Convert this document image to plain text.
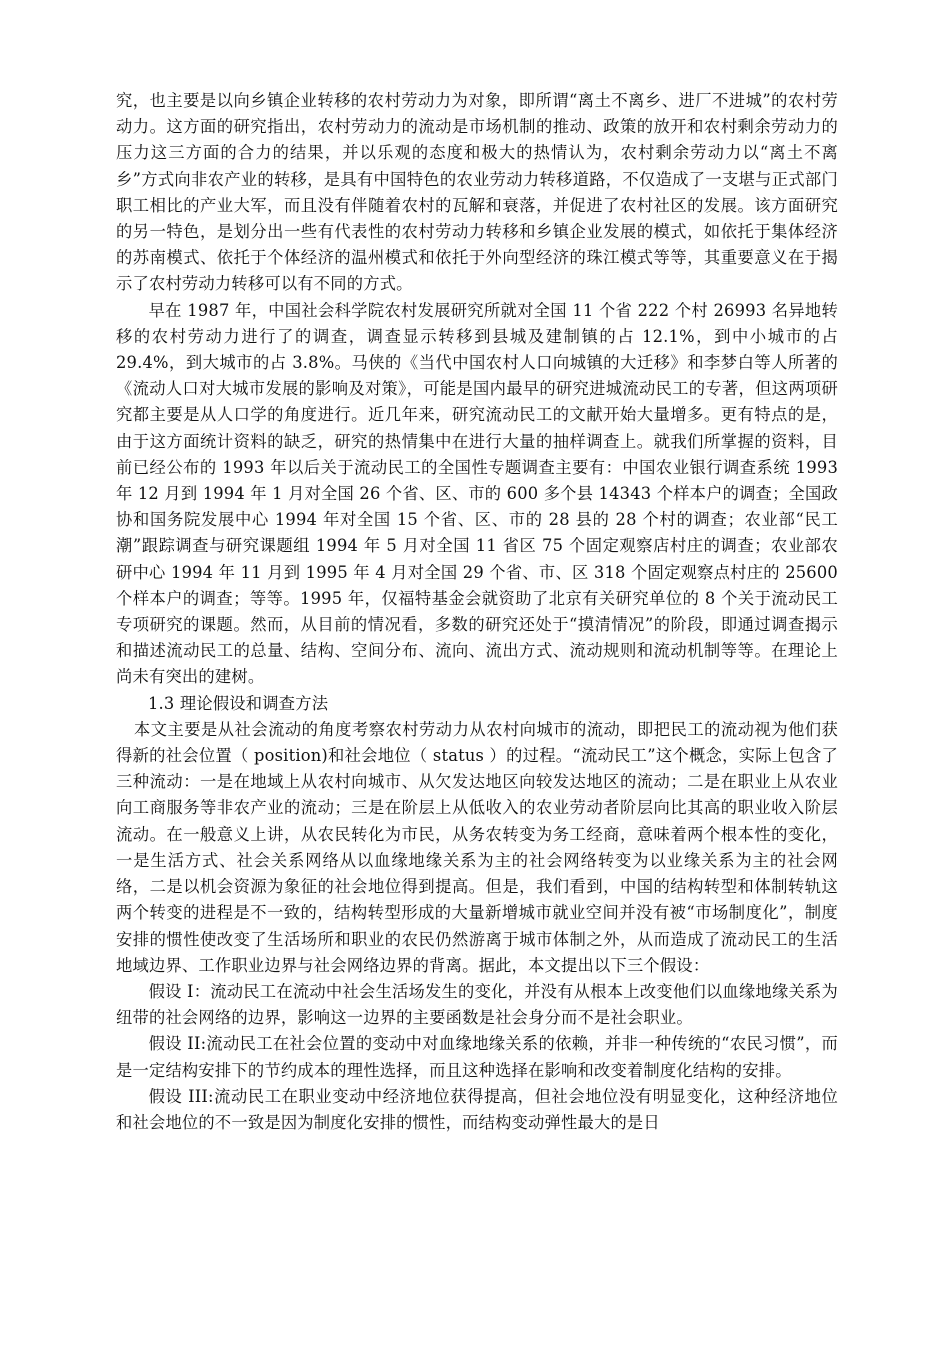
究，也主要是以向乡镇企业转移的农村劳动力为对象，即所谓“离土不离乡、进厂不进城”的农村劳动力。这方面的研究指出，农村劳动力的流动是市场机制的推动、政策的放开和农村剩余劳动力的压力这三方面的合力的结果，并以乐观的态度和极大的热情认为，农村剩余劳动力以“离土不离乡”方式向非农产业的转移，是具有中国特色的农业劳动力转移道路，不仅造成了一支堪与正式部门职工相比的产业大军，而且没有伴随着农村的瓦解和衰落，并促进了农村社区的发展。该方面研究的另一特色，是划分出一些有代表性的农村劳动力转移和乡镇企业发展的模式，如依托于集体经济的苏南模式、依托于个体经济的温州模式和依托于外向型经济的珠江模式等等，其重要意义在于揭示了农村劳动力转移可以有不同的方式。

早在 1987 年，中国社会科学院农村发展研究所就对全国 11 个省 222 个村 26993 名异地转移的农村劳动力进行了的调查，调查显示转移到县城及建制镇的占 12.1%，到中小城市的占 29.4%，到大城市的占 3.8%。马侠的《当代中国农村人口向城镇的大迁移》和李梦白等人所著的《流动人口对大城市发展的影响及对策》，可能是国内最早的研究进城流动民工的专著，但这两项研究都主要是从人口学的角度进行。近几年来，研究流动民工的文献开始大量增多。更有特点的是，由于这方面统计资料的缺乏，研究的热情集中在进行大量的抽样调查上。就我们所掌握的资料，目前已经公布的 1993 年以后关于流动民工的全国性专题调查主要有：中国农业银行调查系统 1993 年 12 月到 1994 年 1 月对全国 26 个省、区、市的 600 多个县 14343 个样本户的调查；全国政协和国务院发展中心 1994 年对全国 15 个省、区、市的 28 县的 28 个村的调查；农业部“民工潮”跟踪调查与研究课题组 1994 年 5 月对全国 11 省区 75 个固定观察店村庄的调查；农业部农研中心 1994 年 11 月到 1995 年 4 月对全国 29 个省、市、区 318 个固定观察点村庄的 25600 个样本户的调查；等等。1995 年，仅福特基金会就资助了北京有关研究单位的 8 个关于流动民工专项研究的课题。然而，从目前的情况看，多数的研究还处于“摸清情况”的阶段，即通过调查揭示和描述流动民工的总量、结构、空间分布、流向、流出方式、流动规则和流动机制等等。在理论上尚未有突出的建树。

1.3 理论假设和调查方法

本文主要是从社会流动的角度考察农村劳动力从农村向城市的流动，即把民工的流动视为他们获得新的社会位置（ position)和社会地位（ status ）的过程。“流动民工”这个概念，实际上包含了三种流动：一是在地域上从农村向城市、从欠发达地区向较发达地区的流动；二是在职业上从农业向工商服务等非农产业的流动；三是在阶层上从低收入的农业劳动者阶层向比其高的职业收入阶层流动。在一般意义上讲，从农民转化为市民，从务农转变为务工经商，意味着两个根本性的变化，一是生活方式、社会关系网络从以血缘地缘关系为主的社会网络转变为以业缘关系为主的社会网络，二是以机会资源为象征的社会地位得到提高。但是，我们看到，中国的结构转型和体制转轨这两个转变的进程是不一致的，结构转型形成的大量新增城市就业空间并没有被“市场制度化”，制度安排的惯性使改变了生活场所和职业的农民仍然游离于城市体制之外，从而造成了流动民工的生活地域边界、工作职业边界与社会网络边界的背离。据此，本文提出以下三个假设：

假设 I：流动民工在流动中社会生活场发生的变化，并没有从根本上改变他们以血缘地缘关系为纽带的社会网络的边界，影响这一边界的主要函数是社会身分而不是社会职业。

假设 II:流动民工在社会位置的变动中对血缘地缘关系的依赖，并非一种传统的“农民习惯”，而是一定结构安排下的节约成本的理性选择，而且这种选择在影响和改变着制度化结构的安排。

假设 III:流动民工在职业变动中经济地位获得提高，但社会地位没有明显变化，这种经济地位和社会地位的不一致是因为制度化安排的惯性，而结构变动弹性最大的是日
